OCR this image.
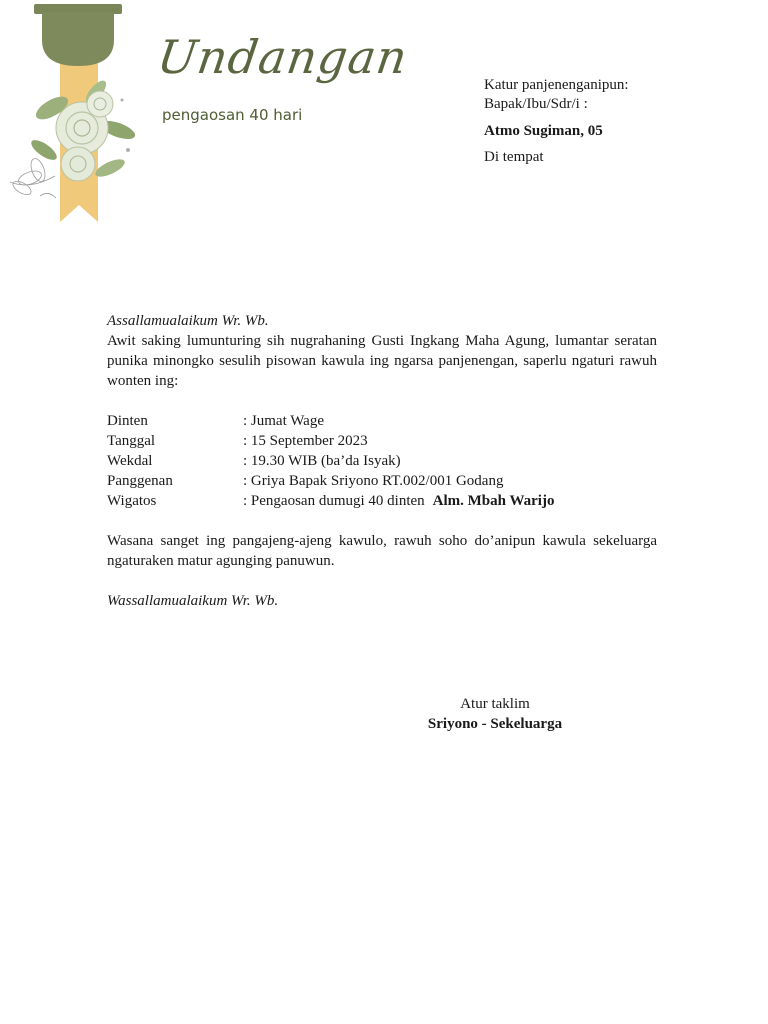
Undangan
pengaosan 40 hari
Katur panjenenganipun:
Bapak/Ibu/Sdr/i :
Atmo Sugiman, 05
Di tempat
Assallamualaikum Wr. Wb.
Awit saking lumunturing sih nugrahaning Gusti Ingkang Maha Agung, lumantar seratan punika minongko sesulih pisowan kawula ing ngarsa panjenengan, saperlu ngaturi rawuh wonten ing:
Dinten	: Jumat Wage
Tanggal	: 15 September 2023
Wekdal	: 19.30 WIB (ba’da Isyak)
Panggenan	: Griya Bapak Sriyono RT.002/001 Godang
Wigatos	: Pengaosan dumugi 40 dinten Alm. Mbah Warijo
Wasana sanget ing pangajeng-ajeng kawulo, rawuh soho do’anipun kawula sekeluarga ngaturaken matur agunging panuwun.
Wassallamualaikum Wr. Wb.
Atur taklim
Sriyono - Sekeluarga
